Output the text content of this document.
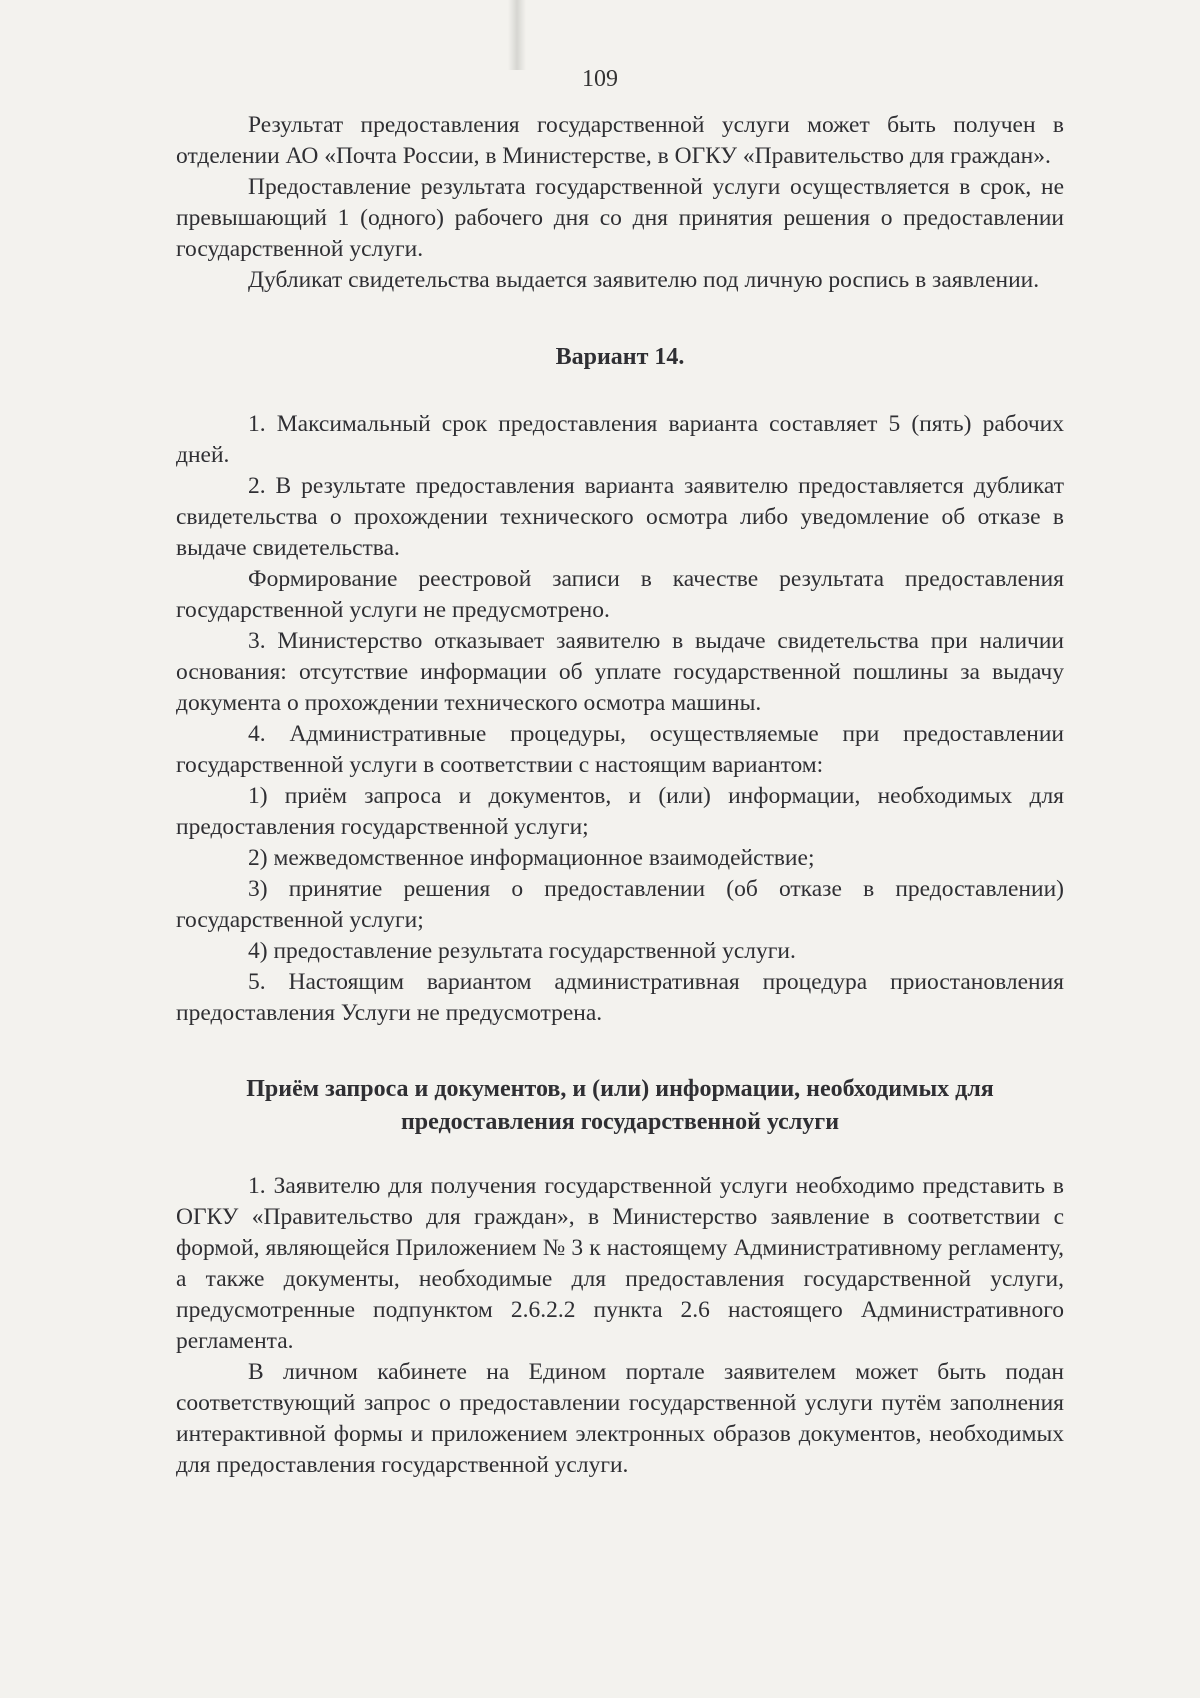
109

Результат предоставления государственной услуги может быть получен в отделении АО «Почта России, в Министерстве, в ОГКУ «Правительство для граждан».

Предоставление результата государственной услуги осуществляется в срок, не превышающий 1 (одного) рабочего дня со дня принятия решения о предоставлении государственной услуги.

Дубликат свидетельства выдается заявителю под личную роспись в заявлении.

Вариант 14.

1. Максимальный срок предоставления варианта составляет 5 (пять) рабочих дней.

2. В результате предоставления варианта заявителю предоставляется дубликат свидетельства о прохождении технического осмотра либо уведомление об отказе в выдаче свидетельства.

Формирование реестровой записи в качестве результата предоставления государственной услуги не предусмотрено.

3. Министерство отказывает заявителю в выдаче свидетельства при наличии основания: отсутствие информации об уплате государственной пошлины за выдачу документа о прохождении технического осмотра машины.

4. Административные процедуры, осуществляемые при предоставлении государственной услуги в соответствии с настоящим вариантом:

1) приём запроса и документов, и (или) информации, необходимых для предоставления государственной услуги;

2) межведомственное информационное взаимодействие;

3) принятие решения о предоставлении (об отказе в предоставлении) государственной услуги;

4) предоставление результата государственной услуги.

5. Настоящим вариантом административная процедура приостановления предоставления Услуги не предусмотрена.

Приём запроса и документов, и (или) информации, необходимых для
предоставления государственной услуги

1. Заявителю для получения государственной услуги необходимо представить в ОГКУ «Правительство для граждан», в Министерство заявление в соответствии с формой, являющейся Приложением № 3 к настоящему Административному регламенту, а также документы, необходимые для предоставления государственной услуги, предусмотренные подпунктом 2.6.2.2 пункта 2.6 настоящего Административного регламента.

В личном кабинете на Едином портале заявителем может быть подан соответствующий запрос о предоставлении государственной услуги путём заполнения интерактивной формы и приложением электронных образов документов, необходимых для предоставления государственной услуги.
